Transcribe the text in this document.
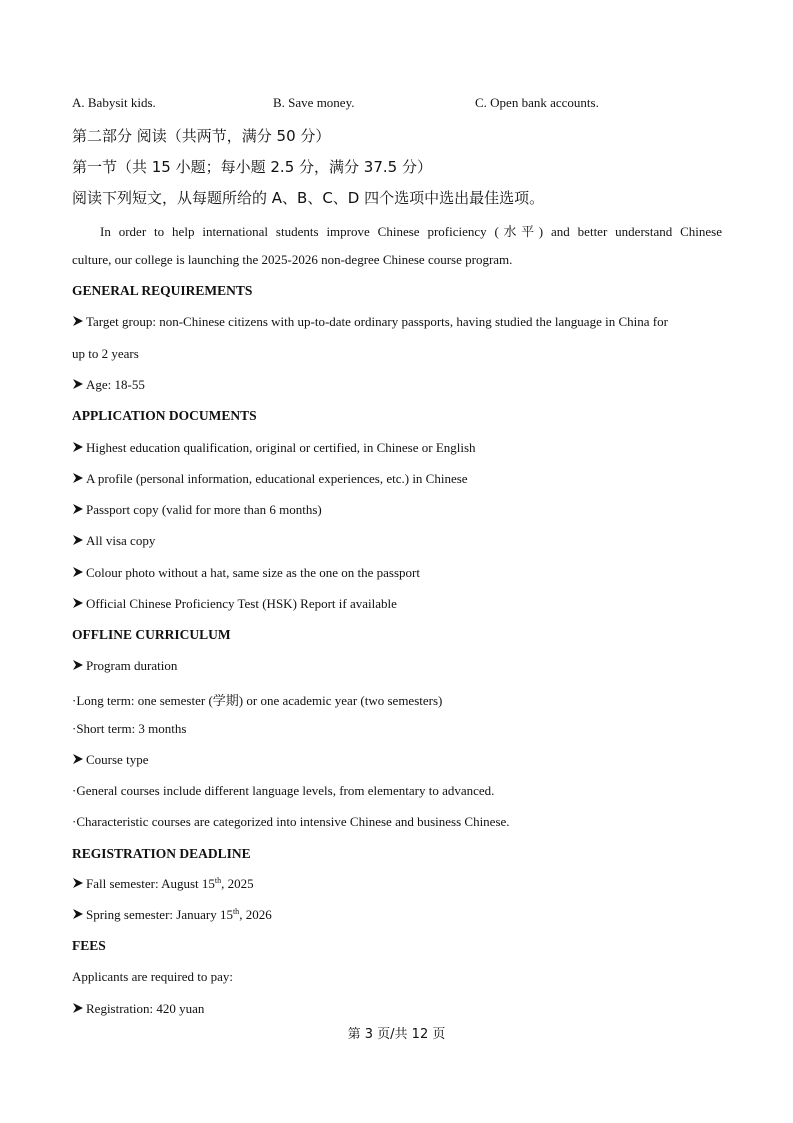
A. Babysit kids.	B. Save money.	C. Open bank accounts.
第二部分 阅读（共两节，满分 50 分）
第一节（共 15 小题；每小题 2.5 分，满分 37.5 分）
阅读下列短文，从每题所给的 A、B、C、D 四个选项中选出最佳选项。
In order to help international students improve Chinese proficiency (水平) and better understand Chinese
culture, our college is launching the 2025-2026 non-degree Chinese course program.
GENERAL REQUIREMENTS
Target group: non-Chinese citizens with up-to-date ordinary passports, having studied the language in China for
up to 2 years
Age: 18-55
APPLICATION DOCUMENTS
Highest education qualification, original or certified, in Chinese or English
A profile (personal information, educational experiences, etc.) in Chinese
Passport copy (valid for more than 6 months)
All visa copy
Colour photo without a hat, same size as the one on the passport
Official Chinese Proficiency Test (HSK) Report if available
OFFLINE CURRICULUM
Program duration
·Long term: one semester (学期) or one academic year (two semesters)
·Short term: 3 months
Course type
·General courses include different language levels, from elementary to advanced.
·Characteristic courses are categorized into intensive Chinese and business Chinese.
REGISTRATION DEADLINE
Fall semester: August 15th, 2025
Spring semester: January 15th, 2026
FEES
Applicants are required to pay:
Registration: 420 yuan
第 3 页/共 12 页
